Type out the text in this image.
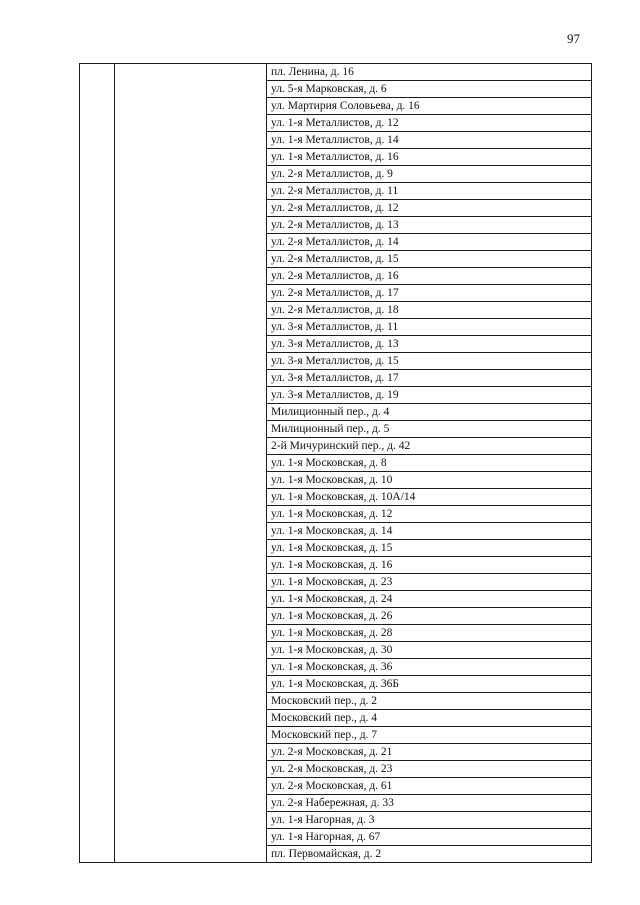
97
		пл. Ленина, д. 16
ул. 5-я Марковская, д. 6
ул. Мартирия Соловьева, д. 16
ул. 1-я Металлистов, д. 12
ул. 1-я Металлистов, д. 14
ул. 1-я Металлистов, д. 16
ул. 2-я Металлистов, д. 9
ул. 2-я Металлистов, д. 11
ул. 2-я Металлистов, д. 12
ул. 2-я Металлистов, д. 13
ул. 2-я Металлистов, д. 14
ул. 2-я Металлистов, д. 15
ул. 2-я Металлистов, д. 16
ул. 2-я Металлистов, д. 17
ул. 2-я Металлистов, д. 18
ул. 3-я Металлистов, д. 11
ул. 3-я Металлистов, д. 13
ул. 3-я Металлистов, д. 15
ул. 3-я Металлистов, д. 17
ул. 3-я Металлистов, д. 19
Милиционный пер., д. 4
Милиционный пер., д. 5
2-й Мичуринский пер., д. 42
ул. 1-я Московская, д. 8
ул. 1-я Московская, д. 10
ул. 1-я Московская, д. 10А/14
ул. 1-я Московская, д. 12
ул. 1-я Московская, д. 14
ул. 1-я Московская, д. 15
ул. 1-я Московская, д. 16
ул. 1-я Московская, д. 23
ул. 1-я Московская, д. 24
ул. 1-я Московская, д. 26
ул. 1-я Московская, д. 28
ул. 1-я Московская, д. 30
ул. 1-я Московская, д. 36
ул. 1-я Московская, д. 36Б
Московский пер., д. 2
Московский пер., д. 4
Московский пер., д. 7
ул. 2-я Московская, д. 21
ул. 2-я Московская, д. 23
ул. 2-я Московская, д. 61
ул. 2-я Набережная, д. 33
ул. 1-я Нагорная, д. 3
ул. 1-я Нагорная, д. 67
пл. Первомайская, д. 2
